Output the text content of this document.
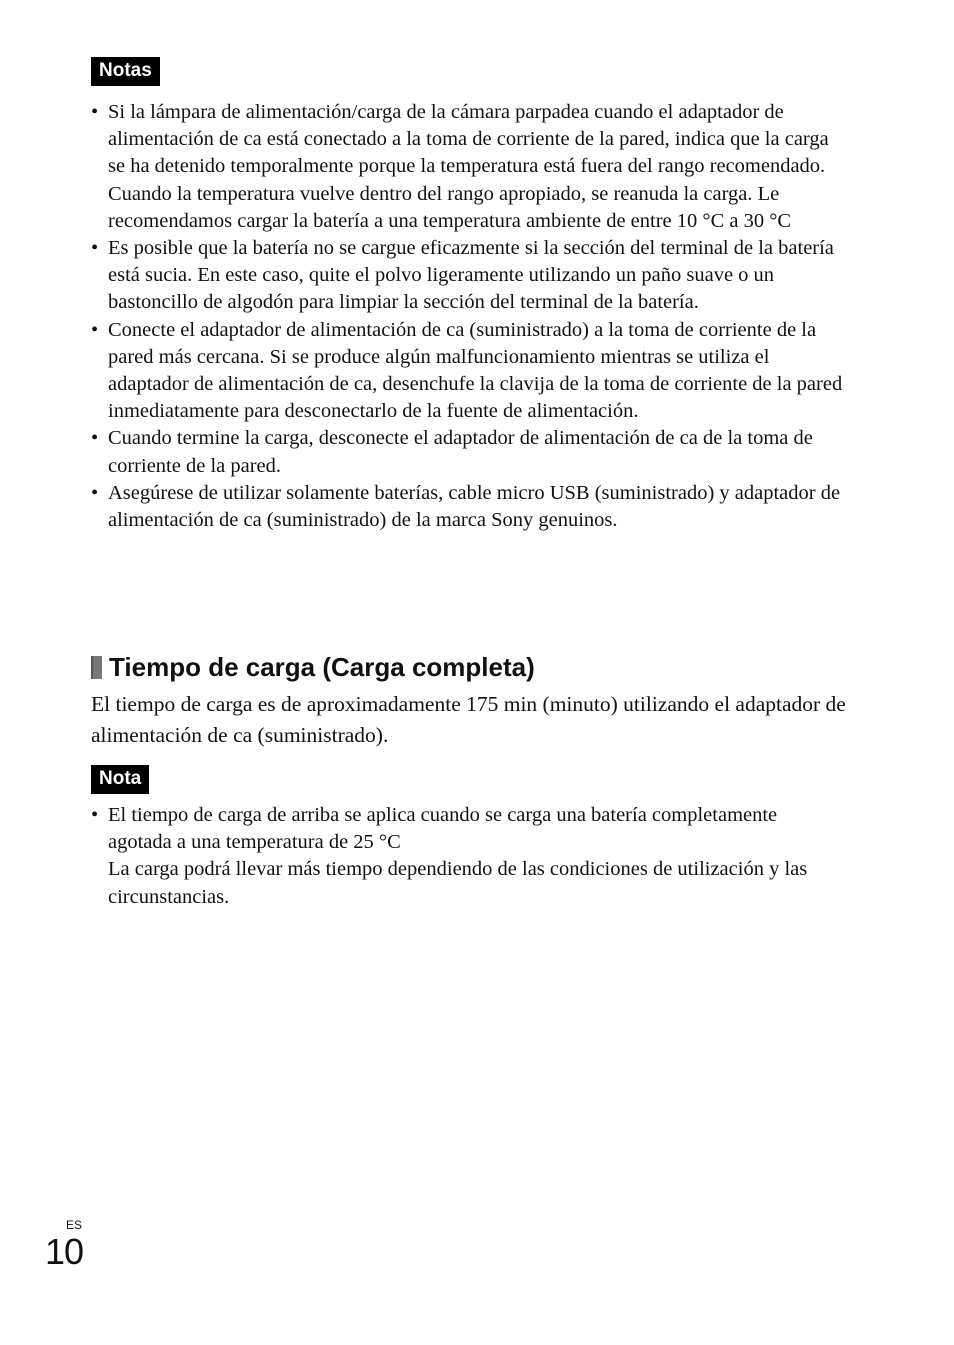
Notas
• Si la lámpara de alimentación/carga de la cámara parpadea cuando el adaptador de alimentación de ca está conectado a la toma de corriente de la pared, indica que la carga se ha detenido temporalmente porque la temperatura está fuera del rango recomendado. Cuando la temperatura vuelve dentro del rango apropiado, se reanuda la carga. Le recomendamos cargar la batería a una temperatura ambiente de entre 10 °C a 30 °C
• Es posible que la batería no se cargue eficazmente si la sección del terminal de la batería está sucia. En este caso, quite el polvo ligeramente utilizando un paño suave o un bastoncillo de algodón para limpiar la sección del terminal de la batería.
• Conecte el adaptador de alimentación de ca (suministrado) a la toma de corriente de la pared más cercana. Si se produce algún malfuncionamiento mientras se utiliza el adaptador de alimentación de ca, desenchufe la clavija de la toma de corriente de la pared inmediatamente para desconectarlo de la fuente de alimentación.
• Cuando termine la carga, desconecte el adaptador de alimentación de ca de la toma de corriente de la pared.
• Asegúrese de utilizar solamente baterías, cable micro USB (suministrado) y adaptador de alimentación de ca (suministrado) de la marca Sony genuinos.
Tiempo de carga (Carga completa)

El tiempo de carga es de aproximadamente 175 min (minuto) utilizando el adaptador de alimentación de ca (suministrado).

Nota
• El tiempo de carga de arriba se aplica cuando se carga una batería completamente agotada a una temperatura de 25 °C
La carga podrá llevar más tiempo dependiendo de las condiciones de utilización y las circunstancias.
ES
10
